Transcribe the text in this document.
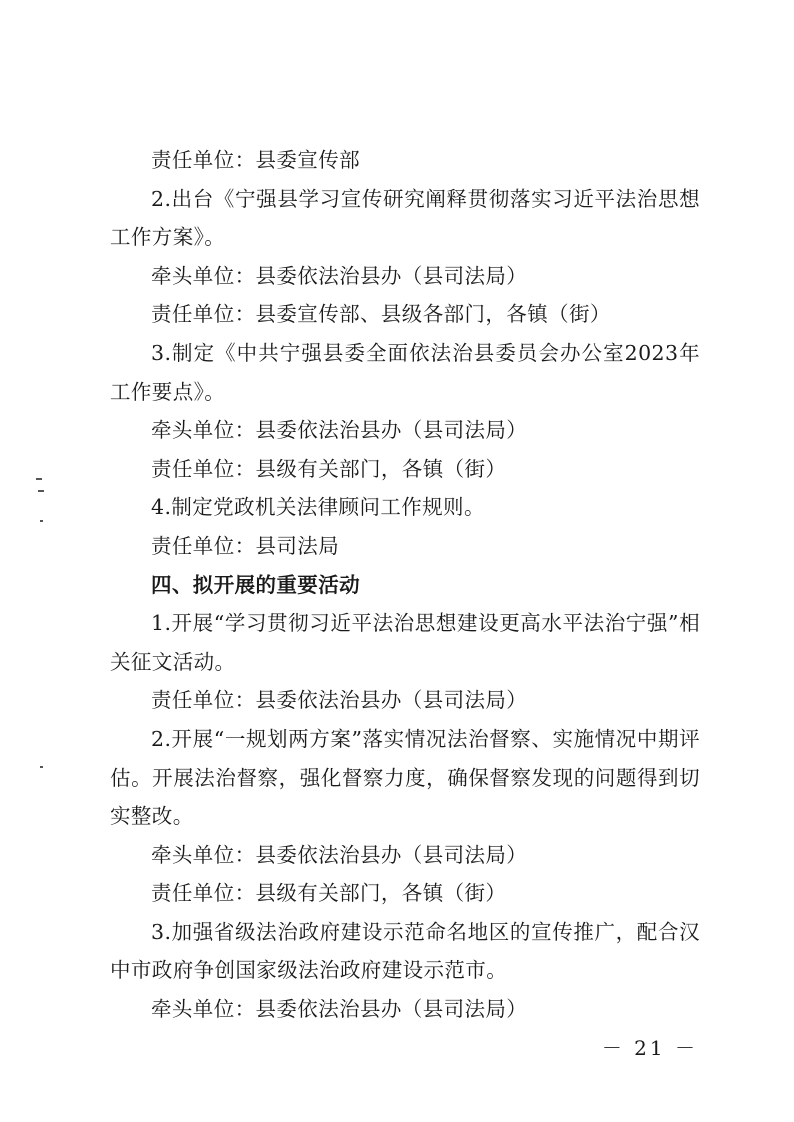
责任单位：县委宣传部

2.出台《宁强县学习宣传研究阐释贯彻落实习近平法治思想工作方案》。

牵头单位：县委依法治县办（县司法局）

责任单位：县委宣传部、县级各部门，各镇（街）

3.制定《中共宁强县委全面依法治县委员会办公室2023年工作要点》。

牵头单位：县委依法治县办（县司法局）

责任单位：县级有关部门，各镇（街）

4.制定党政机关法律顾问工作规则。

责任单位：县司法局

四、拟开展的重要活动

1.开展“学习贯彻习近平法治思想建设更高水平法治宁强”相关征文活动。

责任单位：县委依法治县办（县司法局）

2.开展“一规划两方案”落实情况法治督察、实施情况中期评估。开展法治督察，强化督察力度，确保督察发现的问题得到切实整改。

牵头单位：县委依法治县办（县司法局）

责任单位：县级有关部门，各镇（街）

3.加强省级法治政府建设示范命名地区的宣传推广，配合汉中市政府争创国家级法治政府建设示范市。

牵头单位：县委依法治县办（县司法局）

－ 21 －
